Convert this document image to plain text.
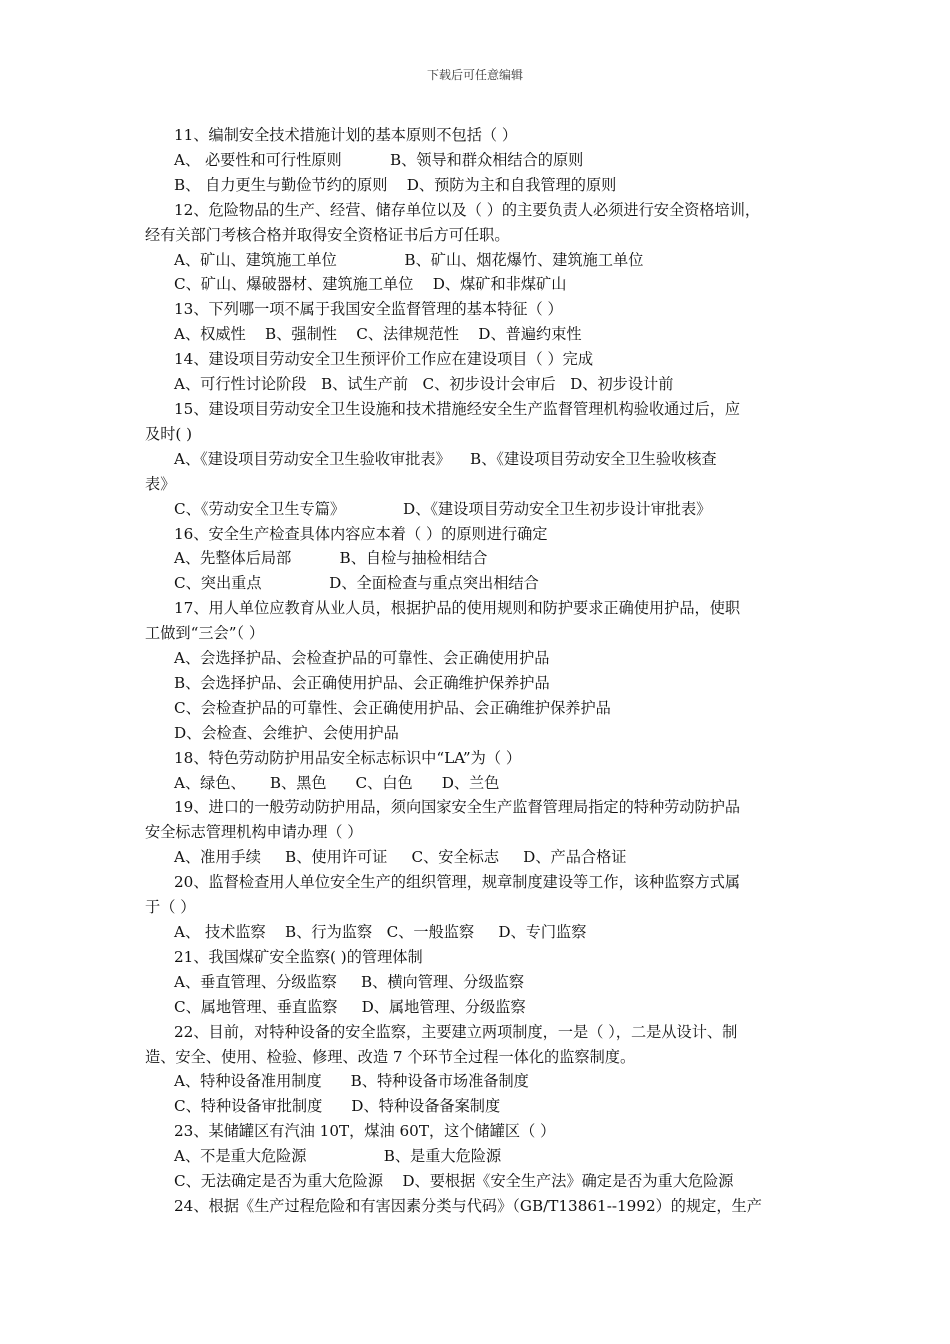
下载后可任意编辑
11、编制安全技术措施计划的基本原则不包括（ ）
A、 必要性和可行性原则          B、领导和群众相结合的原则
B、 自力更生与勤俭节约的原则    D、预防为主和自我管理的原则
12、危险物品的生产、经营、储存单位以及（ ）的主要负责人必须进行安全资格培训，
经有关部门考核合格并取得安全资格证书后方可任职。
A、矿山、建筑施工单位              B、矿山、烟花爆竹、建筑施工单位
C、矿山、爆破器材、建筑施工单位    D、煤矿和非煤矿山
13、下列哪一项不属于我国安全监督管理的基本特征（ ）
A、权威性    B、强制性    C、法律规范性    D、普遍约束性
14、建设项目劳动安全卫生预评价工作应在建设项目（ ）完成
A、可行性讨论阶段   B、试生产前   C、初步设计会审后   D、初步设计前
15、建设项目劳动安全卫生设施和技术措施经安全生产监督管理机构验收通过后，应
及时( )
A、《建设项目劳动安全卫生验收审批表》    B、《建设项目劳动安全卫生验收核查
表》
C、《劳动安全卫生专篇》            D、《建设项目劳动安全卫生初步设计审批表》
16、安全生产检查具体内容应本着（ ）的原则进行确定
A、先整体后局部          B、自检与抽检相结合
C、突出重点              D、全面检查与重点突出相结合
17、用人单位应教育从业人员，根据护品的使用规则和防护要求正确使用护品，使职
工做到“三会”（ ）
A、会选择护品、会检查护品的可靠性、会正确使用护品
B、会选择护品、会正确使用护品、会正确维护保养护品
C、会检查护品的可靠性、会正确使用护品、会正确维护保养护品
D、会检查、会维护、会使用护品
18、特色劳动防护用品安全标志标识中“LA”为（ ）
A、绿色、     B、黑色      C、白色      D、兰色
19、进口的一般劳动防护用品，须向国家安全生产监督管理局指定的特种劳动防护品
安全标志管理机构申请办理（ ）
A、准用手续     B、使用许可证     C、安全标志     D、产品合格证
20、监督检查用人单位安全生产的组织管理，规章制度建设等工作，该种监察方式属
于（ ）
A、 技术监察    B、行为监察   C、一般监察     D、专门监察
21、我国煤矿安全监察( )的管理体制
A、垂直管理、分级监察     B、横向管理、分级监察
C、属地管理、垂直监察     D、属地管理、分级监察
22、目前，对特种设备的安全监察，主要建立两项制度，一是（ ），二是从设计、制
造、安全、使用、检验、修理、改造 7 个环节全过程一体化的监察制度。
A、特种设备准用制度      B、特种设备市场准备制度
C、特种设备审批制度      D、特种设备备案制度
23、某储罐区有汽油 10T，煤油 60T，这个储罐区（ ）
A、不是重大危险源                B、是重大危险源
C、无法确定是否为重大危险源    D、要根据《安全生产法》确定是否为重大危险源
24、根据《生产过程危险和有害因素分类与代码》（GB/T13861--1992）的规定，生产
